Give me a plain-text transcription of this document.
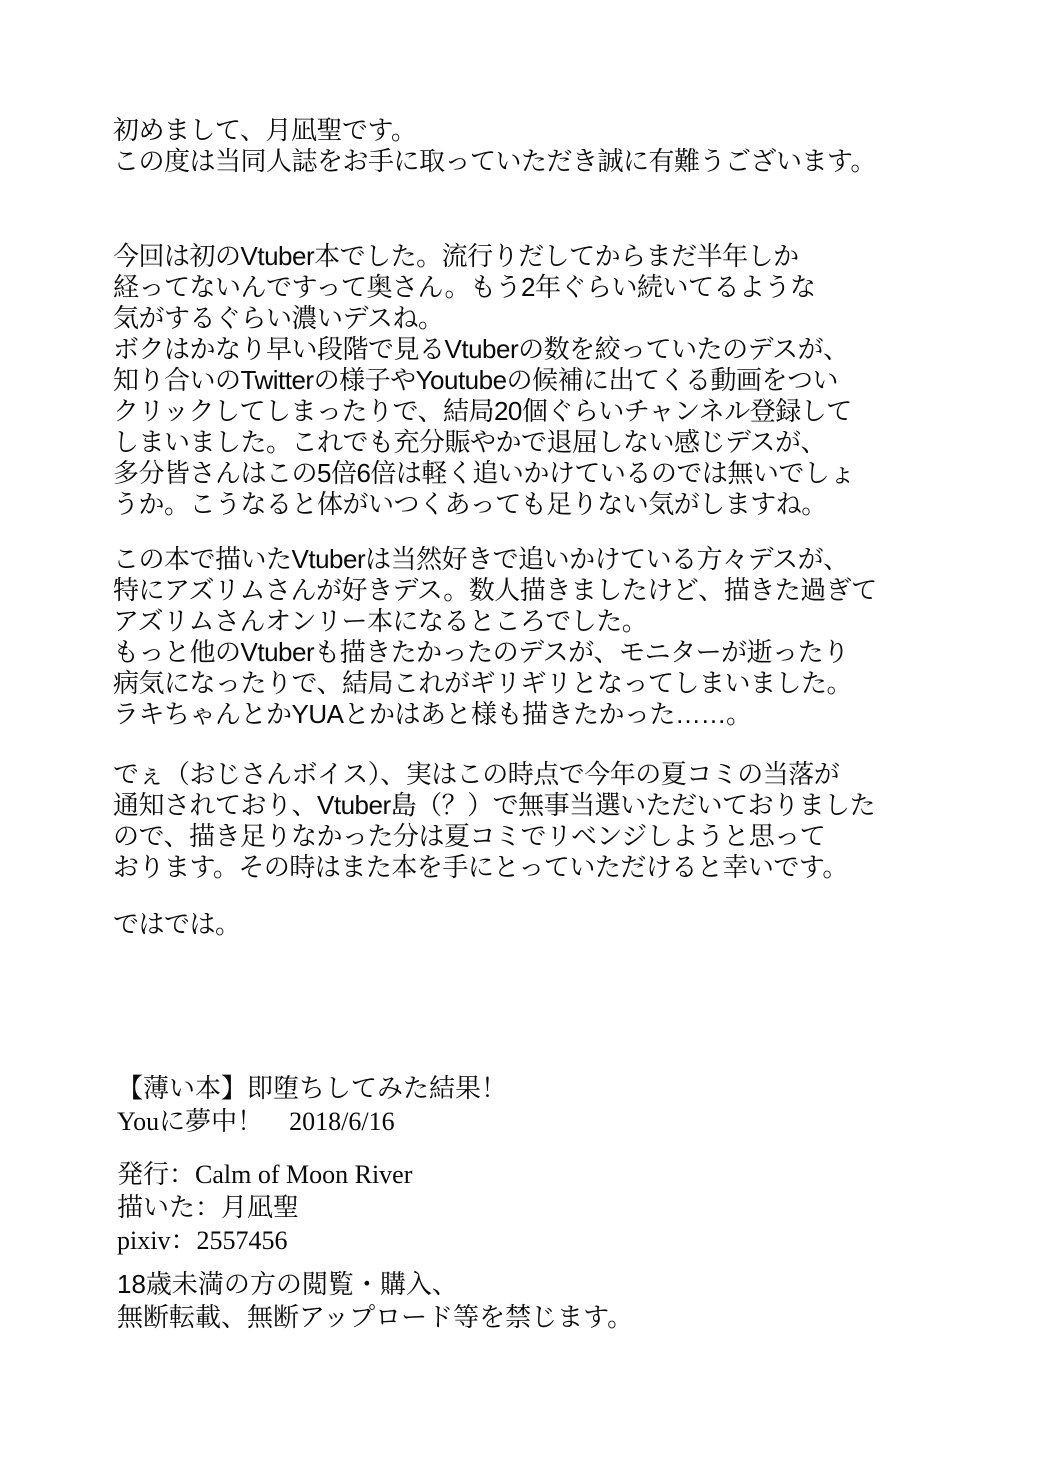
初めまして、月凪聖です。
この度は当同人誌をお手に取っていただき誠に有難うございます。
今回は初のVtuber本でした。流行りだしてからまだ半年しか
経ってないんですって奥さん。もう2年ぐらい続いてるような
気がするぐらい濃いデスね。
ボクはかなり早い段階で見るVtuberの数を絞っていたのデスが、
知り合いのTwitterの様子やYoutubeの候補に出てくる動画をつい
クリックしてしまったりで、結局20個ぐらいチャンネル登録して
しまいました。これでも充分賑やかで退屈しない感じデスが、
多分皆さんはこの5倍6倍は軽く追いかけているのでは無いでしょ
うか。こうなると体がいつくあっても足りない気がしますね。
この本で描いたVtuberは当然好きで追いかけている方々デスが、
特にアズリムさんが好きデス。数人描きましたけど、描きた過ぎて
アズリムさんオンリー本になるところでした。
もっと他のVtuberも描きたかったのデスが、モニターが逝ったり
病気になったりで、結局これがギリギリとなってしまいました。
ラキちゃんとかYUAとかはあと様も描きたかった……。
でぇ（おじさんボイス）、実はこの時点で今年の夏コミの当落が
通知されており、Vtuber島（？）で無事当選いただいておりました
ので、描き足りなかった分は夏コミでリベンジしようと思って
おります。その時はまた本を手にとっていただけると幸いです。
ではでは。
【薄い本】即堕ちしてみた結果！
Youに夢中！　2018/6/16
発行：Calm of Moon River
描いた：月凪聖
pixiv：2557456
18歳未満の方の閲覧・購入、
無断転載、無断アップロード等を禁じます。
